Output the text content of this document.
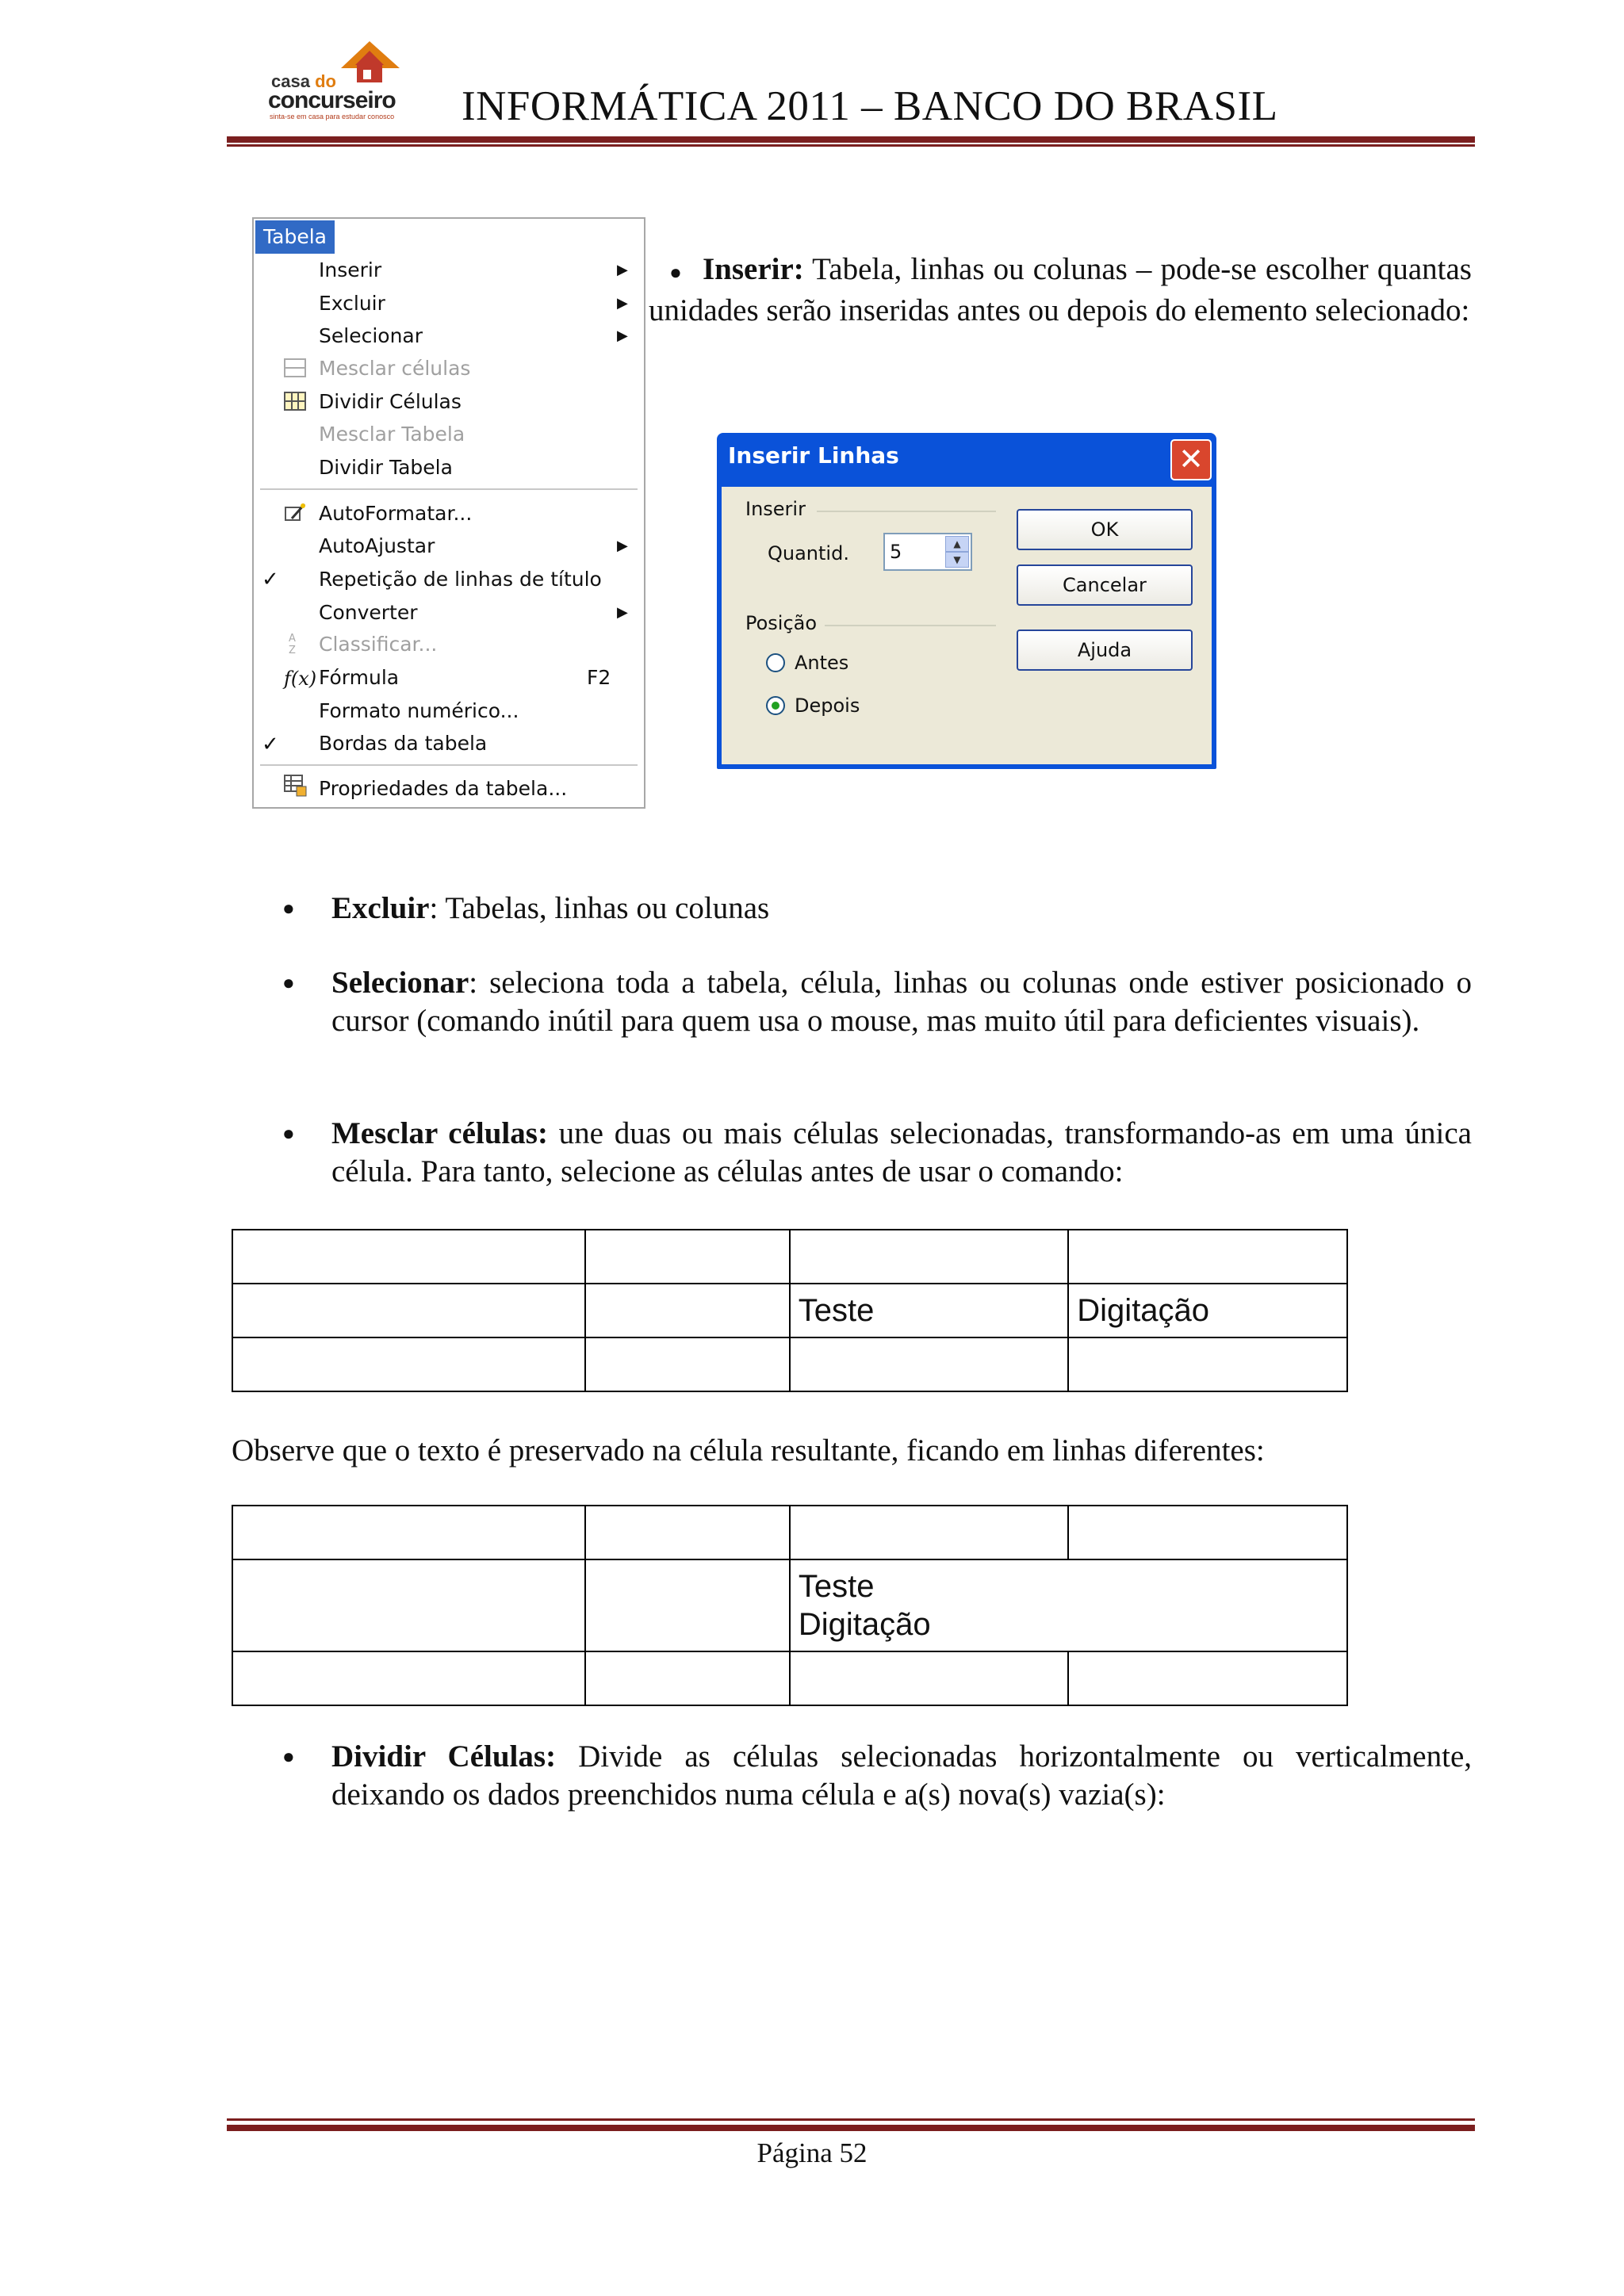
casa do
concurseiro
sinta-se em casa para estudar conosco INFORMÁTICA 2011 – BANCO DO BRASIL
Tabela
Inserir	▶
Excluir	▶
Selecionar	▶
Mesclar células
Dividir Células
Mesclar Tabela
Dividir Tabela
AutoFormatar...
AutoAjustar	▶
✓ Repetição de linhas de título
Converter	▶
A
Z Classificar...
f(x) Fórmula	F2
Formato numérico...
✓ Bordas da tabela
Propriedades da tabela...
● Inserir: Tabela, linhas ou colunas – pode-se escolher quantas unidades serão inseridas antes ou depois do elemento selecionado:
Inserir Linhas	✕
Inserir
Quantid. 5	▲
▼
Posição
Antes
Depois
OK
Cancelar
Ajuda
● Excluir: Tabelas, linhas ou colunas
● Selecionar: seleciona toda a tabela, célula, linhas ou colunas onde estiver posicionado o cursor (comando inútil para quem usa o mouse, mas muito útil para deficientes visuais).
● Mesclar células: une duas ou mais células selecionadas, transformando-as em uma única célula. Para tanto, selecione as células antes de usar o comando:

		Teste	Digitação

Observe que o texto é preservado na célula resultante, ficando em linhas diferentes:

		Teste
Digitação	

● Dividir Células: Divide as células selecionadas horizontalmente ou verticalmente, deixando os dados preenchidos numa célula e a(s) nova(s) vazia(s):
Página 52
